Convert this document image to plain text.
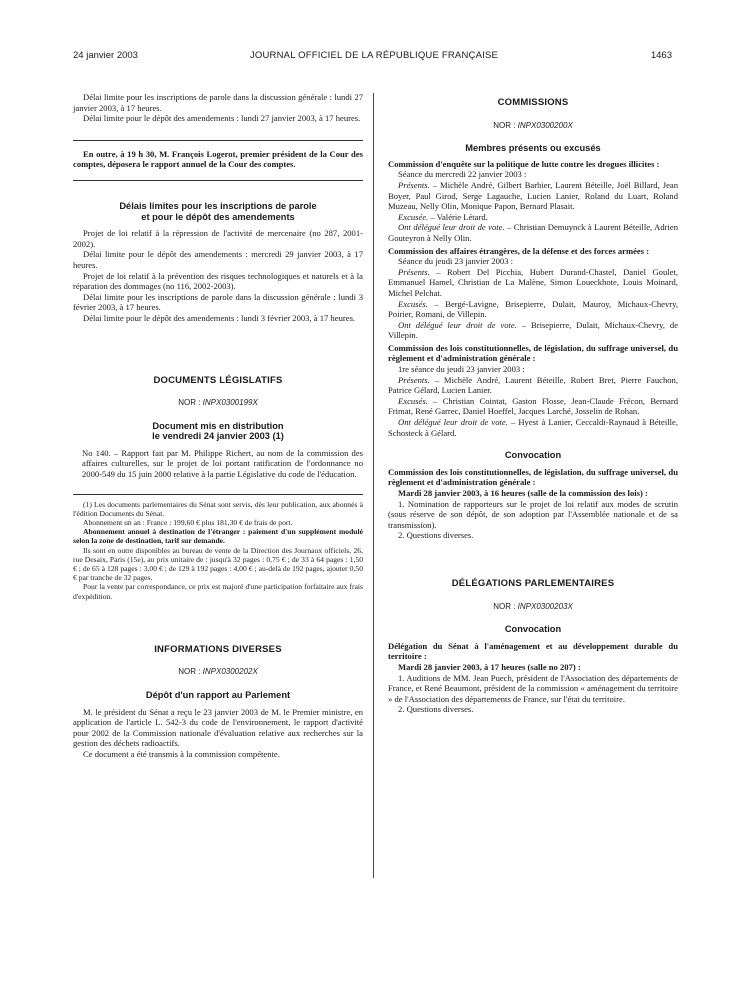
24 janvier 2003	JOURNAL OFFICIEL DE LA RÉPUBLIQUE FRANÇAISE	1463

Délai limite pour les inscriptions de parole dans la discussion générale : lundi 27 janvier 2003, à 17 heures.

Délai limite pour le dépôt des amendements : lundi 27 janvier 2003, à 17 heures.

En outre, à 19 h 30, M. François Logerot, premier président de la Cour des comptes, déposera le rapport annuel de la Cour des comptes.

Délais limites pour les inscriptions de parole
et pour le dépôt des amendements

Projet de loi relatif à la répression de l'activité de mercenaire (no 287, 2001-2002).

Délai limite pour le dépôt des amendements : mercredi 29 janvier 2003, à 17 heures.

Projet de loi relatif à la prévention des risques technologiques et naturels et à la réparation des dommages (no 116, 2002-2003).

Délai limite pour les inscriptions de parole dans la discussion générale : lundi 3 février 2003, à 17 heures.

Délai limite pour le dépôt des amendements : lundi 3 février 2003, à 17 heures.

DOCUMENTS LÉGISLATIFS
NOR : INPX0300199X
Document mis en distribution
le vendredi 24 janvier 2003 (1)

No 140. – Rapport fait par M. Philippe Richert, au nom de la commission des affaires culturelles, sur le projet de loi portant ratification de l'ordonnance no 2000-549 du 15 juin 2000 relative à la partie Législative du code de l'éducation.

(1) Les documents parlementaires du Sénat sont servis, dès leur publication, aux abonnés à l'édition Documents du Sénat.

Abonnement un an : France : 199,60 € plus 181,30 € de frais de port.

Abonnement annuel à destination de l'étranger : paiement d'un supplément modulé selon la zone de destination, tarif sur demande.

Ils sont en outre disponibles au bureau de vente de la Direction des Journaux officiels, 26, rue Desaix, Paris (15e), au prix unitaire de : jusqu'à 32 pages : 0,75 € ; de 33 à 64 pages : 1,50 € ; de 65 à 128 pages : 3,00 € ; de 129 à 192 pages : 4,00 € ; au-delà de 192 pages, ajouter 0,50 € par tranche de 32 pages.

Pour la vente par correspondance, ce prix est majoré d'une participation forfaitaire aux frais d'expédition.

INFORMATIONS DIVERSES
NOR : INPX0300202X
Dépôt d'un rapport au Parlement

M. le président du Sénat a reçu le 23 janvier 2003 de M. le Premier ministre, en application de l'article L. 542-3 du code de l'environnement, le rapport d'activité pour 2002 de la Commission nationale d'évaluation relative aux recherches sur la gestion des déchets radioactifs.

Ce document a été transmis à la commission compétente.

COMMISSIONS
NOR : INPX0300200X
Membres présents ou excusés

Commission d'enquête sur la politique de lutte contre les drogues illicites :

Séance du mercredi 22 janvier 2003 :

Présents. – Michèle André, Gilbert Barbier, Laurent Béteille, Joël Billard, Jean Boyer, Paul Girod, Serge Lagauche, Lucien Lanier, Roland du Luart, Roland Muzeau, Nelly Olin, Monique Papon, Bernard Plasait.

Excusée. – Valérie Létard.

Ont délégué leur droit de vote. – Christian Demuynck à Laurent Béteille, Adrien Gouteyron à Nelly Olin.

Commission des affaires étrangères, de la défense et des forces armées :

Séance du jeudi 23 janvier 2003 :

Présents. – Robert Del Picchia, Hubert Durand-Chastel, Daniel Goulet, Emmanuel Hamel, Christian de La Malène, Simon Loueckhote, Louis Moinard, Michel Pelchat.

Excusés. – Bergé-Lavigne, Brisepierre, Dulait, Mauroy, Michaux-Chevry, Poirier, Romani, de Villepin.

Ont délégué leur droit de vote. – Brisepierre, Dulait, Michaux-Chevry, de Villepin.

Commission des lois constitutionnelles, de législation, du suffrage universel, du règlement et d'administration générale :

1re séance du jeudi 23 janvier 2003 :

Présents. – Michèle André, Laurent Béteille, Robert Bret, Pierre Fauchon, Patrice Gélard, Lucien Lanier.

Excusés. – Christian Cointat, Gaston Flosse, Jean-Claude Frécon, Bernard Frimat, René Garrec, Daniel Hoeffel, Jacques Larché, Josselin de Rohan.

Ont délégué leur droit de vote. – Hyest à Lanier, Ceccaldi-Raynaud à Béteille, Schosteck à Gélard.

Convocation

Commission des lois constitutionnelles, de législation, du suffrage universel, du règlement et d'administration générale :

Mardi 28 janvier 2003, à 16 heures (salle de la commission des lois) :

1. Nomination de rapporteurs sur le projet de loi relatif aux modes de scrutin (sous réserve de son dépôt, de son adoption par l'Assemblée nationale et de sa transmission).

2. Questions diverses.

DÉLÉGATIONS PARLEMENTAIRES
NOR : INPX0300203X
Convocation

Délégation du Sénat à l'aménagement et au développement durable du territoire :

Mardi 28 janvier 2003, à 17 heures (salle no 207) :

1. Auditions de MM. Jean Puech, président de l'Association des départements de France, et René Beaumont, président de la commission « aménagement du territoire » de l'Association des départements de France, sur l'état du territoire.

2. Questions diverses.
